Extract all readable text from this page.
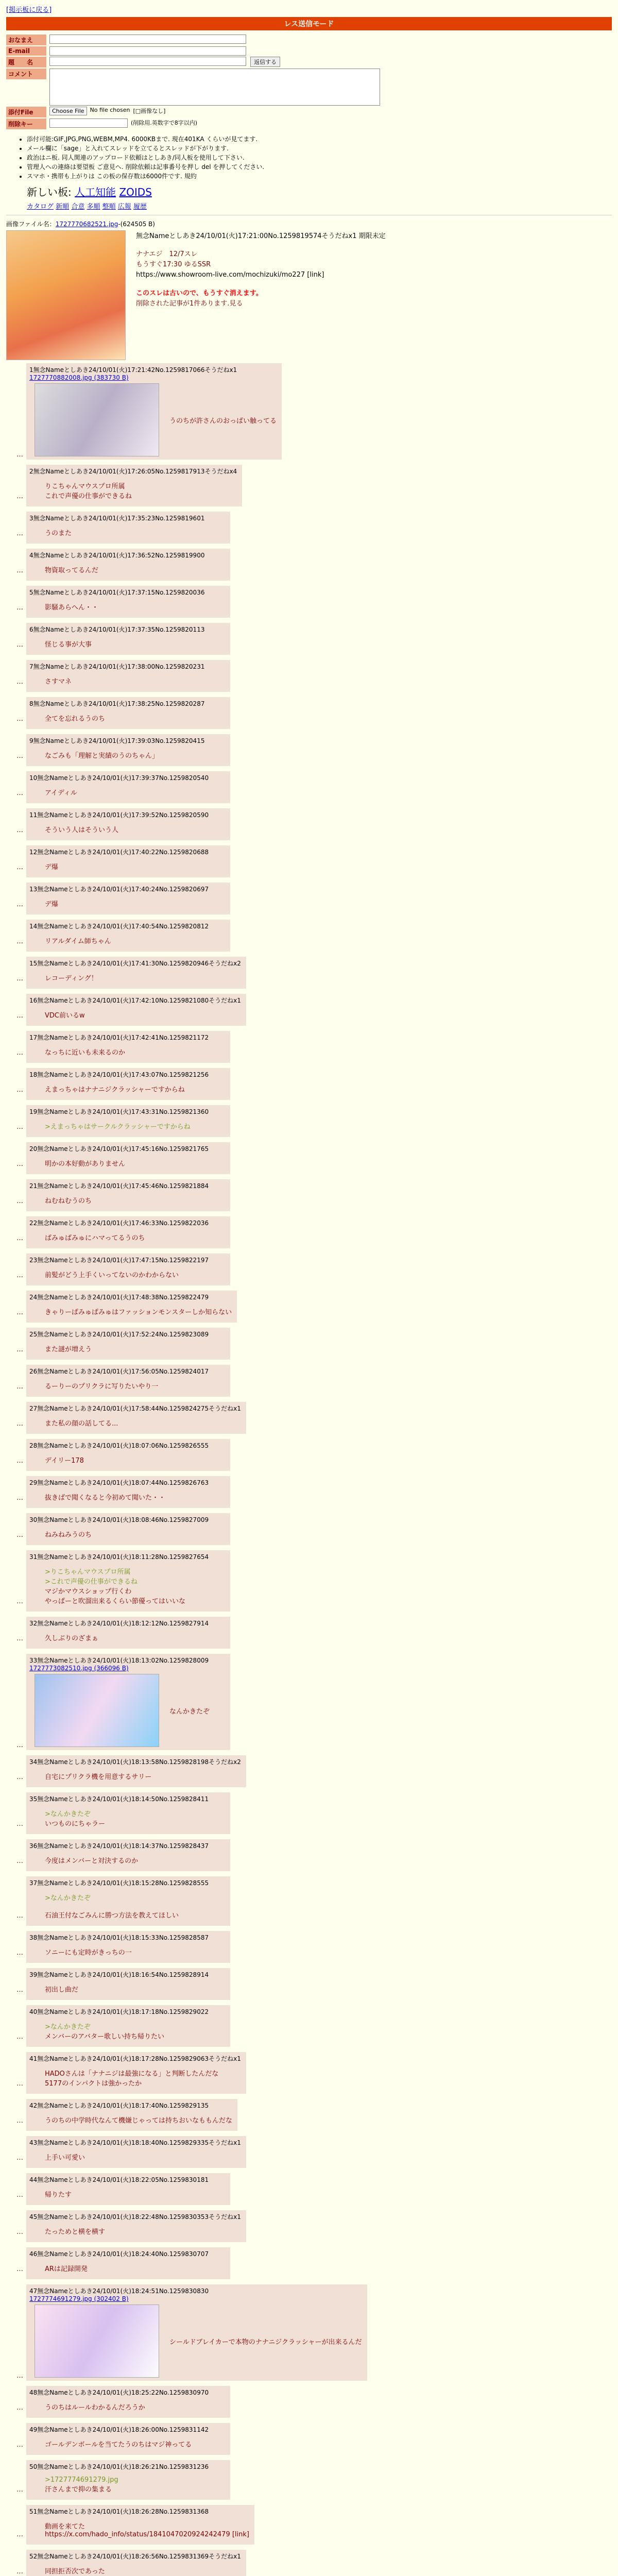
[掲示板に戻る]
レス送信モード
おなまえ
E-mail
題　　名	返信する
コメント
添付File	Choose File	No file chosen [□画像なし]
削除キー	(削除用.英数字で8字以内)
• 添付可能:GIF,JPG,PNG,WEBM,MP4. 6000KBまで. 現在401KA くらいが見てます.
• メール欄に「sage」と入れてスレッドを立てるとスレッドが下がります.
• 政治はニ板. 同人関連のアップロード依頼はとしあき/同人板を使用して下さい.
• 管理人への連絡は要望板 ご意見へ. 削除依頼は記事番号を押し del を押してください.
• スマホ・携帯も上がりは この板の保存数は6000件です. 規約
新しい板: 人工知能 ZOIDS
カタログ 新順 合意 多順 整順 広報 履歴
画像ファイル名：1727770682521.jpg-(624505 B)
無念Nameとしあき24/10/01(火)17:21:00No.1259819574そうだねx1 期限未定
ナナエジ　12/7スレ
もうすぐ17:30 ゆるSSR
https://www.showroom-live.com/mochizuki/mo227 [link]
このスレは古いので、もうすぐ消えます。
削除された記事が1件あります.見る
…
1無念Nameとしあき24/10/01(火)17:21:42No.1259817066そうだねx1
1727770882008.jpg (383730 B)
うのちが許さんのおっぱい触ってる
…
2無念Nameとしあき24/10/01(火)17:26:05No.1259817913そうだねx4
りこちゃんマウスプロ所属
これで声優の仕事ができるね
…
3無念Nameとしあき24/10/01(火)17:35:23No.1259819601
うのまた
…
4無念Nameとしあき24/10/01(火)17:36:52No.1259819900
物資取ってるんだ
…
5無念Nameとしあき24/10/01(火)17:37:15No.1259820036
影騒あらへん・・
…
6無念Nameとしあき24/10/01(火)17:37:35No.1259820113
怪じる事が大事
…
7無念Nameとしあき24/10/01(火)17:38:00No.1259820231
さすマネ
…
8無念Nameとしあき24/10/01(火)17:38:25No.1259820287
全てを忘れるうのち
…
9無念Nameとしあき24/10/01(火)17:39:03No.1259820415
なごみも「理解と実績のうのちゃん」
…
10無念Nameとしあき24/10/01(火)17:39:37No.1259820540
アイディル
…
11無念Nameとしあき24/10/01(火)17:39:52No.1259820590
そういう人はそういう人
…
12無念Nameとしあき24/10/01(火)17:40:22No.1259820688
デ爆
…
13無念Nameとしあき24/10/01(火)17:40:24No.1259820697
デ爆
…
14無念Nameとしあき24/10/01(火)17:40:54No.1259820812
リアルダイム師ちゃん
…
15無念Nameとしあき24/10/01(火)17:41:30No.1259820946そうだねx2
レコーディング！
…
16無念Nameとしあき24/10/01(火)17:42:10No.1259821080そうだねx1
VDC前いるw
…
17無念Nameとしあき24/10/01(火)17:42:41No.1259821172
なっちに近いも未来るのか
…
18無念Nameとしあき24/10/01(火)17:43:07No.1259821256
えまっちゃはナナニジクラッシャーですからね
…
19無念Nameとしあき24/10/01(火)17:43:31No.1259821360
>えまっちゃはサークルクラッシャーですからね
…
20無念Nameとしあき24/10/01(火)17:45:16No.1259821765
明かの本好動がありません
…
21無念Nameとしあき24/10/01(火)17:45:46No.1259821884
ねむねむうのち
…
22無念Nameとしあき24/10/01(火)17:46:33No.1259822036
ばみゅばみゅにハマってるうのち
…
23無念Nameとしあき24/10/01(火)17:47:15No.1259822197
前髪がどう上手くいってないのかわからない
…
24無念Nameとしあき24/10/01(火)17:48:38No.1259822479
きゃりーぱみゅぱみゅはファッションモンスターしか知らない
…
25無念Nameとしあき24/10/01(火)17:52:24No.1259823089
また謎が増えう
…
26無念Nameとしあき24/10/01(火)17:56:05No.1259824017
るーりーのプリクラに写りたいやり一
…
27無念Nameとしあき24/10/01(火)17:58:44No.1259824275そうだねx1
また私の顔の話してる...
…
28無念Nameとしあき24/10/01(火)18:07:06No.1259826555
デイリー178
…
29無念Nameとしあき24/10/01(火)18:07:44No.1259826763
抜きばで聞くなると今初めて聞いた・・
…
30無念Nameとしあき24/10/01(火)18:08:46No.1259827009
ねみねみうのち
…
31無念Nameとしあき24/10/01(火)18:11:28No.1259827654
>りこちゃんマウスプロ所属
>これで声優の仕事ができるね
マジかマウスショップ行くわ
やっぱーと吹溜出来るくらい節優ってはいいな
…
32無念Nameとしあき24/10/01(火)18:12:12No.1259827914
久しぶりのざまぁ
…
33無念Nameとしあき24/10/01(火)18:13:02No.1259828009
1727773082510.jpg (366096 B)
なんかきたぞ
…
34無念Nameとしあき24/10/01(火)18:13:58No.1259828198そうだねx2
自宅にプリクラ機を用意するサリー
…
35無念Nameとしあき24/10/01(火)18:14:50No.1259828411
>なんかきたぞ
いつものにちゃラー
…
36無念Nameとしあき24/10/01(火)18:14:37No.1259828437
今度はメンバーと対決するのか
…
37無念Nameとしあき24/10/01(火)18:15:28No.1259828555
>なんかきたぞ

石油王付なごみんに勝つ方法を教えてほしい
…
38無念Nameとしあき24/10/01(火)18:15:33No.1259828587
ソニーにも定時がきっちの一
…
39無念Nameとしあき24/10/01(火)18:16:54No.1259828914
初出し曲だ
…
40無念Nameとしあき24/10/01(火)18:17:18No.1259829022
>なんかきたぞ
メンバーのアバター歌しい持ち帰りたい
…
41無念Nameとしあき24/10/01(火)18:17:28No.1259829063そうだねx1
HADOさんは「ナナニジは最強になる」と判断したんだな
5177のインパクトは強かったか
…
42無念Nameとしあき24/10/01(火)18:17:40No.1259829135
うのちの中学時代なんて機嫌じゃっては持ちおいなももんだな
…
43無念Nameとしあき24/10/01(火)18:18:40No.1259829335そうだねx1
上手い可愛い
…
44無念Nameとしあき24/10/01(火)18:22:05No.1259830181
帰りたす
…
45無念Nameとしあき24/10/01(火)18:22:48No.1259830353そうだねx1
たっためと横を横す
…
46無念Nameとしあき24/10/01(火)18:24:40No.1259830707
ARは記録開発
…
47無念Nameとしあき24/10/01(火)18:24:51No.1259830830
1727774691279.jpg (302402 B)
シールドブレイカーで本物のナナニジクラッシャーが出来るんだ
…
48無念Nameとしあき24/10/01(火)18:25:22No.1259830970
うのちはルールわかるんだろうか
…
49無念Nameとしあき24/10/01(火)18:26:00No.1259831142
ゴールデンボールを当てたうのちはマジ神ってる
…
50無念Nameとしあき24/10/01(火)18:26:21No.1259831236
>1727774691279.jpg
汗さんまで抑の集まる
…
51無念Nameとしあき24/10/01(火)18:26:28No.1259831368
動画を来てた
https://x.com/hado_info/status/1841047020924242479 [link]
…
52無念Nameとしあき24/10/01(火)18:26:56No.1259831369そうだねx1
同担拒否次であった
